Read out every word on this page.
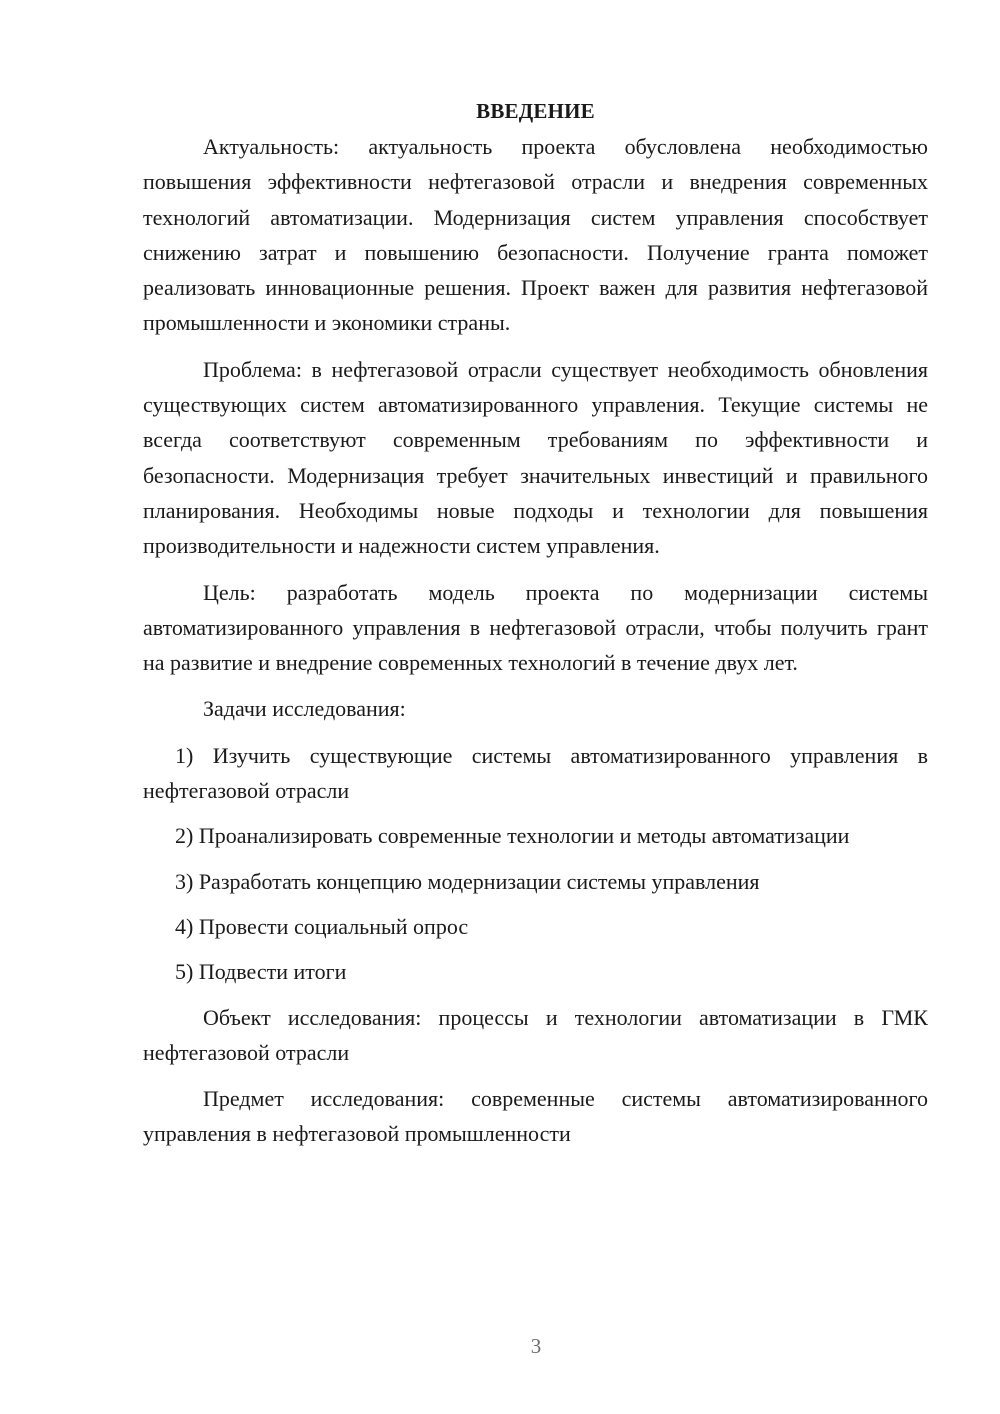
ВВЕДЕНИЕ

Актуальность: актуальность проекта обусловлена необходимостью повышения эффективности нефтегазовой отрасли и внедрения современных технологий автоматизации. Модернизация систем управления способствует снижению затрат и повышению безопасности. Получение гранта поможет реализовать инновационные решения. Проект важен для развития нефтегазовой промышленности и экономики страны.

Проблема: в нефтегазовой отрасли существует необходимость обновления существующих систем автоматизированного управления. Текущие системы не всегда соответствуют современным требованиям по эффективности и безопасности. Модернизация требует значительных инвестиций и правильного планирования. Необходимы новые подходы и технологии для повышения производительности и надежности систем управления.

Цель: разработать модель проекта по модернизации системы автоматизированного управления в нефтегазовой отрасли, чтобы получить грант на развитие и внедрение современных технологий в течение двух лет.

Задачи исследования:

1) Изучить существующие системы автоматизированного управления в нефтегазовой отрасли

2) Проанализировать современные технологии и методы автоматизации

3) Разработать концепцию модернизации системы управления

4) Провести социальный опрос

5) Подвести итоги

Объект исследования: процессы и технологии автоматизации в ГМК нефтегазовой отрасли

Предмет исследования: современные системы автоматизированного управления в нефтегазовой промышленности

3
